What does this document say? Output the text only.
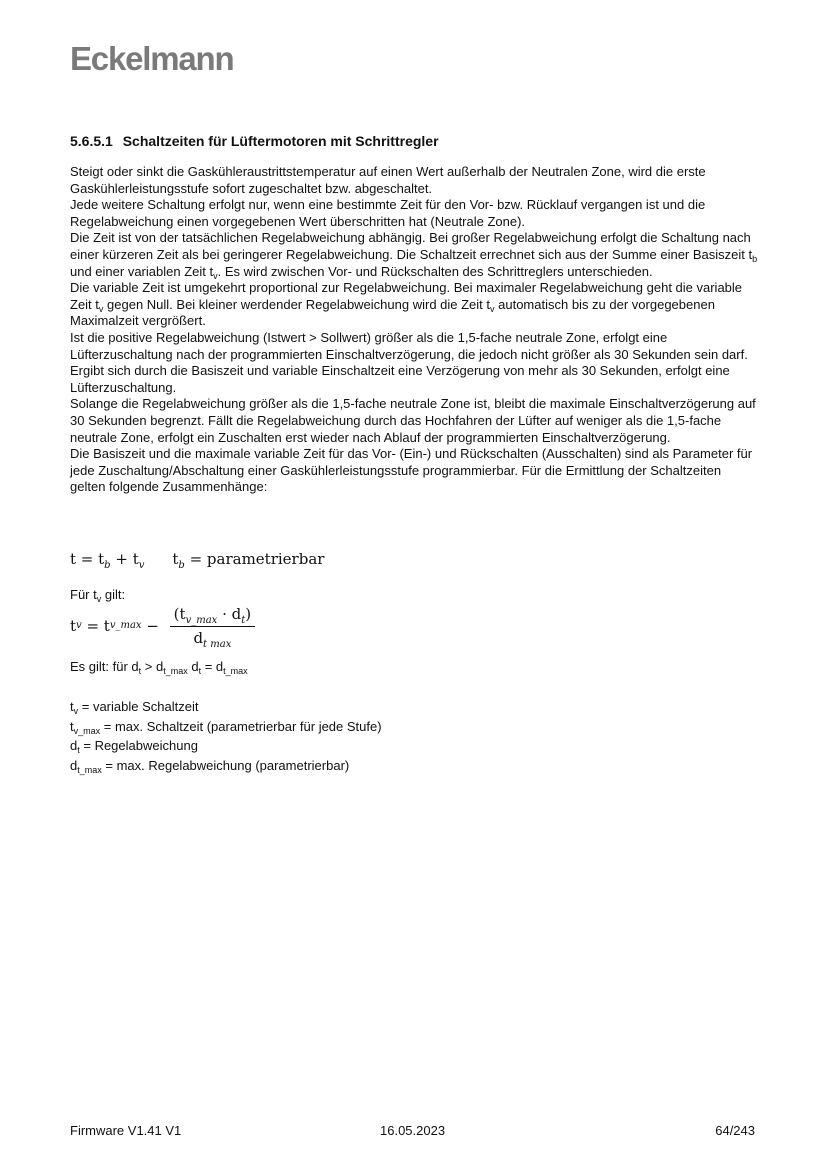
Eckelmann
5.6.5.1 Schaltzeiten für Lüftermotoren mit Schrittregler

Steigt oder sinkt die Gaskühleraustrittstemperatur auf einen Wert außerhalb der Neutralen Zone, wird die erste Gaskühlerleistungsstufe sofort zugeschaltet bzw. abgeschaltet.

Jede weitere Schaltung erfolgt nur, wenn eine bestimmte Zeit für den Vor- bzw. Rücklauf vergangen ist und die Regelabweichung einen vorgegebenen Wert überschritten hat (Neutrale Zone).

Die Zeit ist von der tatsächlichen Regelabweichung abhängig. Bei großer Regelabweichung erfolgt die Schaltung nach einer kürzeren Zeit als bei geringerer Regelabweichung. Die Schaltzeit errechnet sich aus der Summe einer Basiszeit $t_b$ und einer variablen Zeit $t_v$. Es wird zwischen Vor- und Rückschalten des Schrittreglers unterschieden.

Die variable Zeit ist umgekehrt proportional zur Regelabweichung. Bei maximaler Regelabweichung geht die variable Zeit $t_v$ gegen Null. Bei kleiner werdender Regelabweichung wird die Zeit $t_v$ automatisch bis zu der vorgegebenen Maximalzeit vergrößert.

Ist die positive Regelabweichung (Istwert > Sollwert) größer als die 1,5-fache neutrale Zone, erfolgt eine Lüfterzuschaltung nach der programmierten Einschaltverzögerung, die jedoch nicht größer als 30 Sekunden sein darf. Ergibt sich durch die Basiszeit und variable Einschaltzeit eine Verzögerung von mehr als 30 Sekunden, erfolgt eine Lüfterzuschaltung.

Solange die Regelabweichung größer als die 1,5-fache neutrale Zone ist, bleibt die maximale Einschaltverzögerung auf 30 Sekunden begrenzt. Fällt die Regelabweichung durch das Hochfahren der Lüfter auf weniger als die 1,5-fache neutrale Zone, erfolgt ein Zuschalten erst wieder nach Ablauf der programmierten Einschaltverzögerung.

Die Basiszeit und die maximale variable Zeit für das Vor- (Ein-) und Rückschalten (Ausschalten) sind als Parameter für jede Zuschaltung/Abschaltung einer Gaskühlerleistungsstufe programmierbar. Für die Ermittlung der Schaltzeiten gelten folgende Zusammenhänge:

$t = t_b + t_v$ $t_b$ = parametrierbar
Für $t_v$ gilt:
t v = t v_max − $\frac{(t_{v\_max} \cdot d_t)}{d_{t max}}$
Es gilt: für $d_t > d_{t\_max}$ $d_t = d_{t\_max}$
$t_v$ = variable Schaltzeit
$t_{v\_max} = \max$. Schaltzeit (parametrierbar für jede Stufe)
$d_t$ = Regelabweichung
$d_{t\_max} = \max$. Regelabweichung (parametrierbar)
Firmware V1.41 V1	16.05.2023	64/243
